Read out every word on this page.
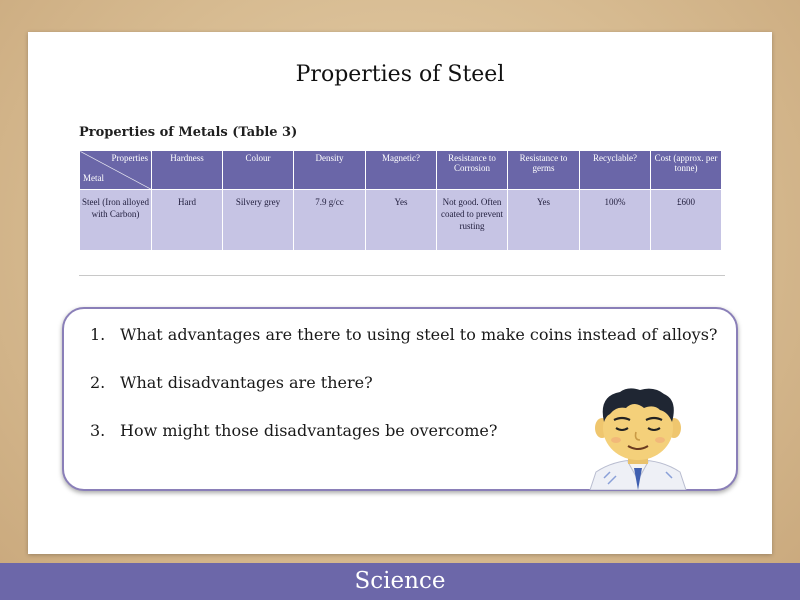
Properties of Steel
Properties of Metals (Table 3)
Properties
Metal	Hardness	Colour	Density	Magnetic?	Resistance to Corrosion	Resistance to germs	Recyclable?	Cost (approx. per tonne)
Steel (Iron alloyed with Carbon)	Hard	Silvery grey	7.9 g/cc	Yes	Not good. Often coated to prevent rusting	Yes	100%	£600
1. What advantages are there to using steel to make coins instead of alloys?
2. What disadvantages are there?
3. How might those disadvantages be overcome?
Science
